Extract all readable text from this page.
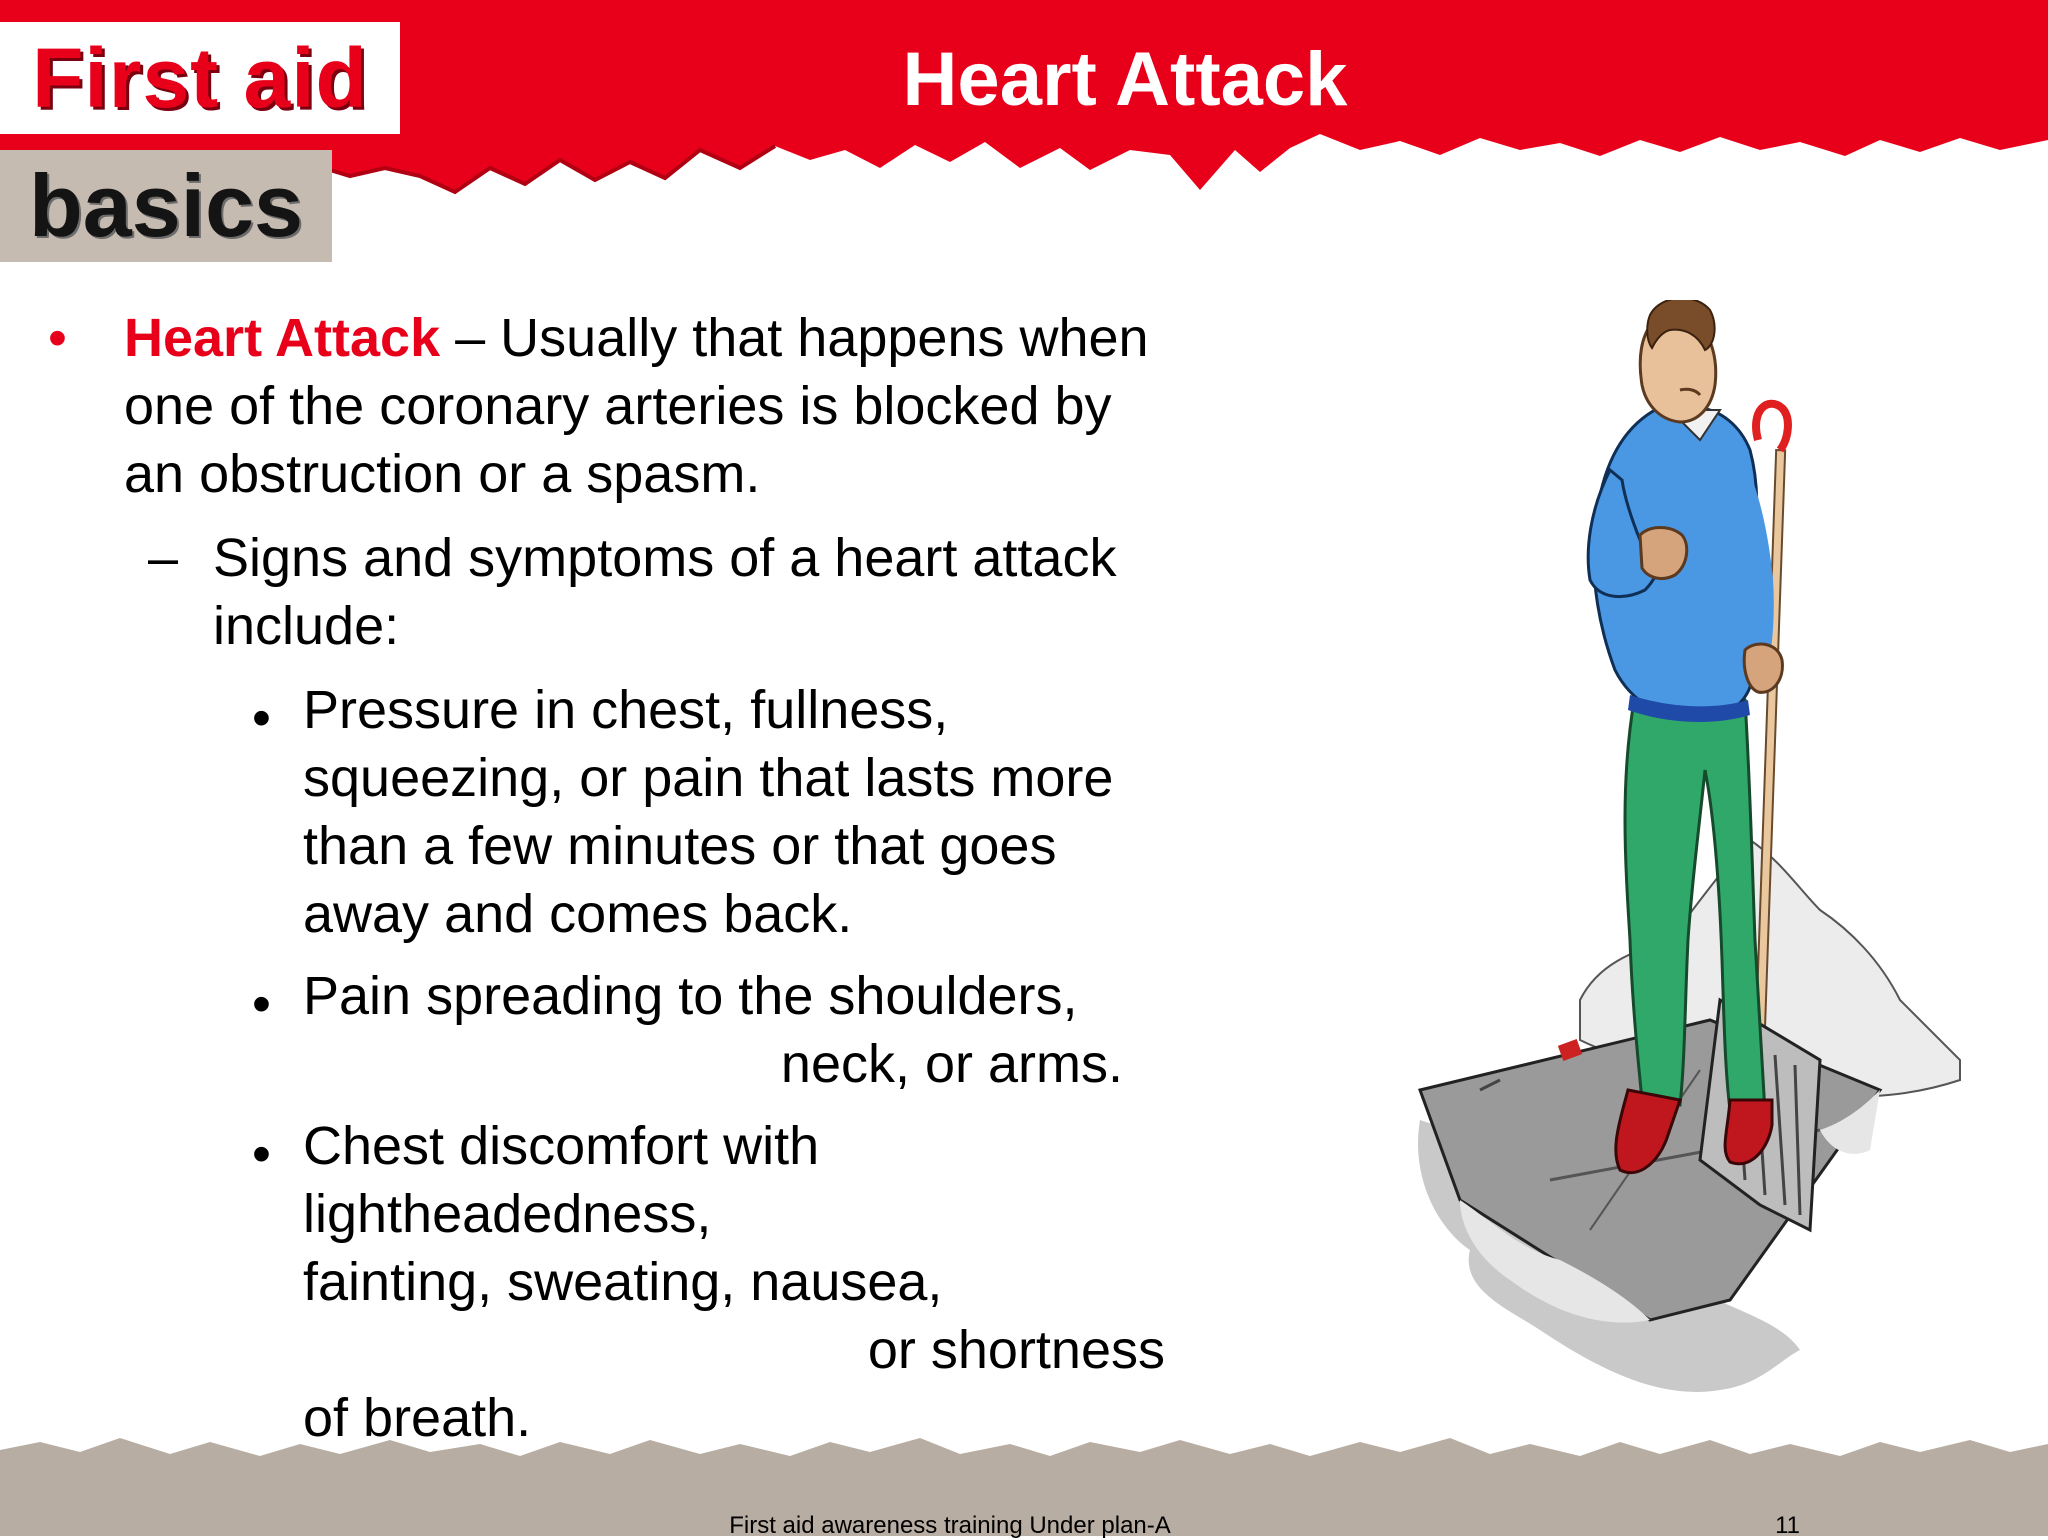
First aid
basics
Heart Attack
• Heart Attack – Usually that happens when
one of the coronary arteries is blocked by
an obstruction or a spasm.
– Signs and symptoms of a heart attack
include:
• Pressure in chest, fullness,
squeezing, or pain that lasts more
than a few minutes or that goes
away and comes back.
• Pain spreading to the shoulders,
neck, or arms.
• Chest discomfort with
lightheadedness,
fainting, sweating, nausea,
or shortness
of breath.
First aid awareness training Under plan-A	11
